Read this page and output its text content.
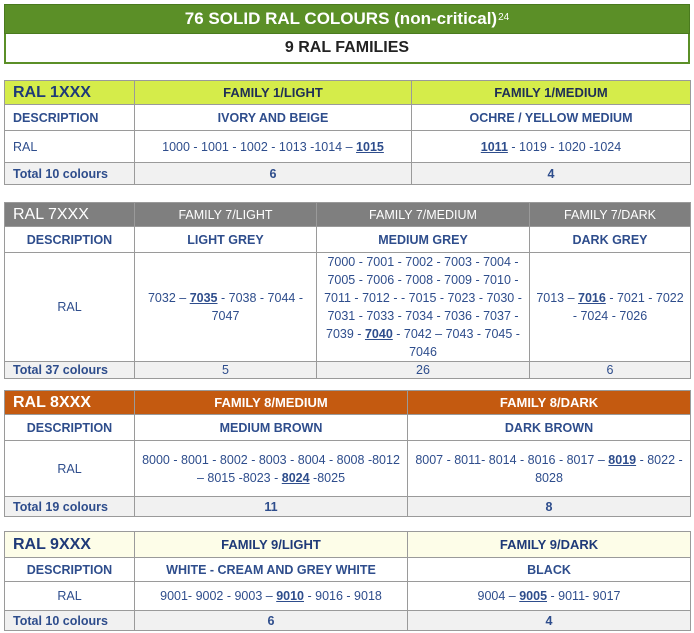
76 SOLID RAL COLOURS (non-critical)$^{24}$
9 RAL FAMILIES
RAL 1XXX	FAMILY 1/LIGHT	FAMILY 1/MEDIUM
DESCRIPTION	IVORY AND BEIGE	OCHRE / YELLOW MEDIUM
RAL	1000 - 1001 - 1002 - 1013 -1014 – 1015	1011 - 1019 - 1020 -1024
Total 10 colours	6	4
RAL 7XXX	FAMILY 7/LIGHT	FAMILY 7/MEDIUM	FAMILY 7/DARK
DESCRIPTION	LIGHT GREY	MEDIUM GREY	DARK GREY
RAL	7032 – 7035 - 7038 - 7044 - 7047	7000 - 7001 - 7002 - 7003 - 7004 - 7005 - 7006 - 7008 - 7009 - 7010 - 7011 - 7012 - - 7015 - 7023 - 7030 - 7031 - 7033 - 7034 - 7036 - 7037 - 7039 - 7040 - 7042 – 7043 - 7045 - 7046	7013 – 7016 - 7021 - 7022 - 7024 - 7026
Total 37 colours	5	26	6
RAL 8XXX	FAMILY 8/MEDIUM	FAMILY 8/DARK
DESCRIPTION	MEDIUM BROWN	DARK BROWN
RAL	8000 - 8001 - 8002 - 8003 - 8004 - 8008 -8012 – 8015 -8023 - 8024 -8025	8007 - 8011- 8014 - 8016 - 8017 – 8019 - 8022 - 8028
Total 19 colours	11	8
RAL 9XXX	FAMILY 9/LIGHT	FAMILY 9/DARK
DESCRIPTION	WHITE - CREAM AND GREY WHITE	BLACK
RAL	9001- 9002 - 9003 – 9010 - 9016 - 9018	9004 – 9005 - 9011- 9017
Total 10 colours	6	4
